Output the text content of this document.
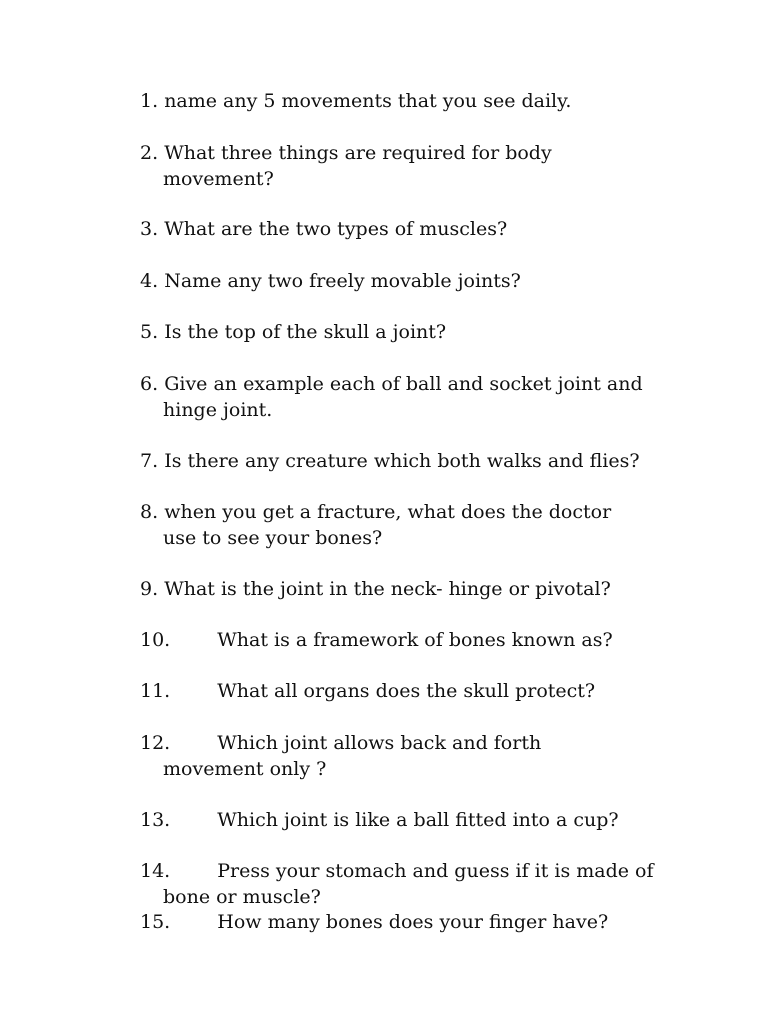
1. name any 5 movements that you see daily.
2. What three things are required for body
movement?
3. What are the two types of muscles?
4. Name any two freely movable joints?
5. Is the top of the skull a joint?
6. Give an example each of ball and socket joint and
hinge joint.
7. Is there any creature which both walks and flies?
8. when you get a fracture, what does the doctor
use to see your bones?
9. What is the joint in the neck- hinge or pivotal?
10. What is a framework of bones known as?
11. What all organs does the skull protect?
12. Which joint allows back and forth
movement only ?
13. Which joint is like a ball fitted into a cup?
14. Press your stomach and guess if it is made of
bone or muscle?
15. How many bones does your finger have?
